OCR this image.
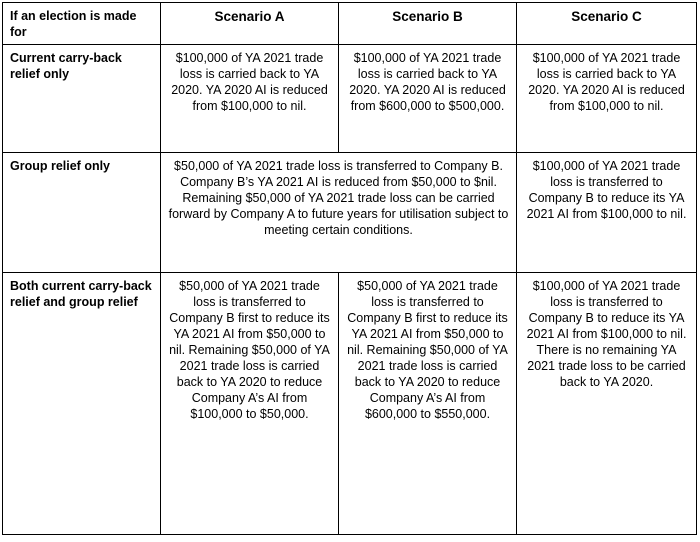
If an election is made for	Scenario A	Scenario B	Scenario C
Current carry-back relief only	$100,000 of YA 2021 trade loss is carried back to YA 2020. YA 2020 AI is reduced from $100,000 to nil.	$100,000 of YA 2021 trade loss is carried back to YA 2020. YA 2020 AI is reduced from $600,000 to $500,000.	$100,000 of YA 2021 trade loss is carried back to YA 2020. YA 2020 AI is reduced from $100,000 to nil.
Group relief only	$50,000 of YA 2021 trade loss is transferred to Company B. Company B’s YA 2021 AI is reduced from $50,000 to $nil. Remaining $50,000 of YA 2021 trade loss can be carried forward by Company A to future years for utilisation subject to meeting certain conditions.		$100,000 of YA 2021 trade loss is transferred to Company B to reduce its YA 2021 AI from $100,000 to nil.
Both current carry-back relief and group relief	$50,000 of YA 2021 trade loss is transferred to Company B first to reduce its YA 2021 AI from $50,000 to nil. Remaining $50,000 of YA 2021 trade loss is carried back to YA 2020 to reduce Company A’s AI from $100,000 to $50,000.	$50,000 of YA 2021 trade loss is transferred to Company B first to reduce its YA 2021 AI from $50,000 to nil. Remaining $50,000 of YA 2021 trade loss is carried back to YA 2020 to reduce Company A’s AI from $600,000 to $550,000.	$100,000 of YA 2021 trade loss is transferred to Company B to reduce its YA 2021 AI from $100,000 to nil. There is no remaining YA 2021 trade loss to be carried back to YA 2020.
